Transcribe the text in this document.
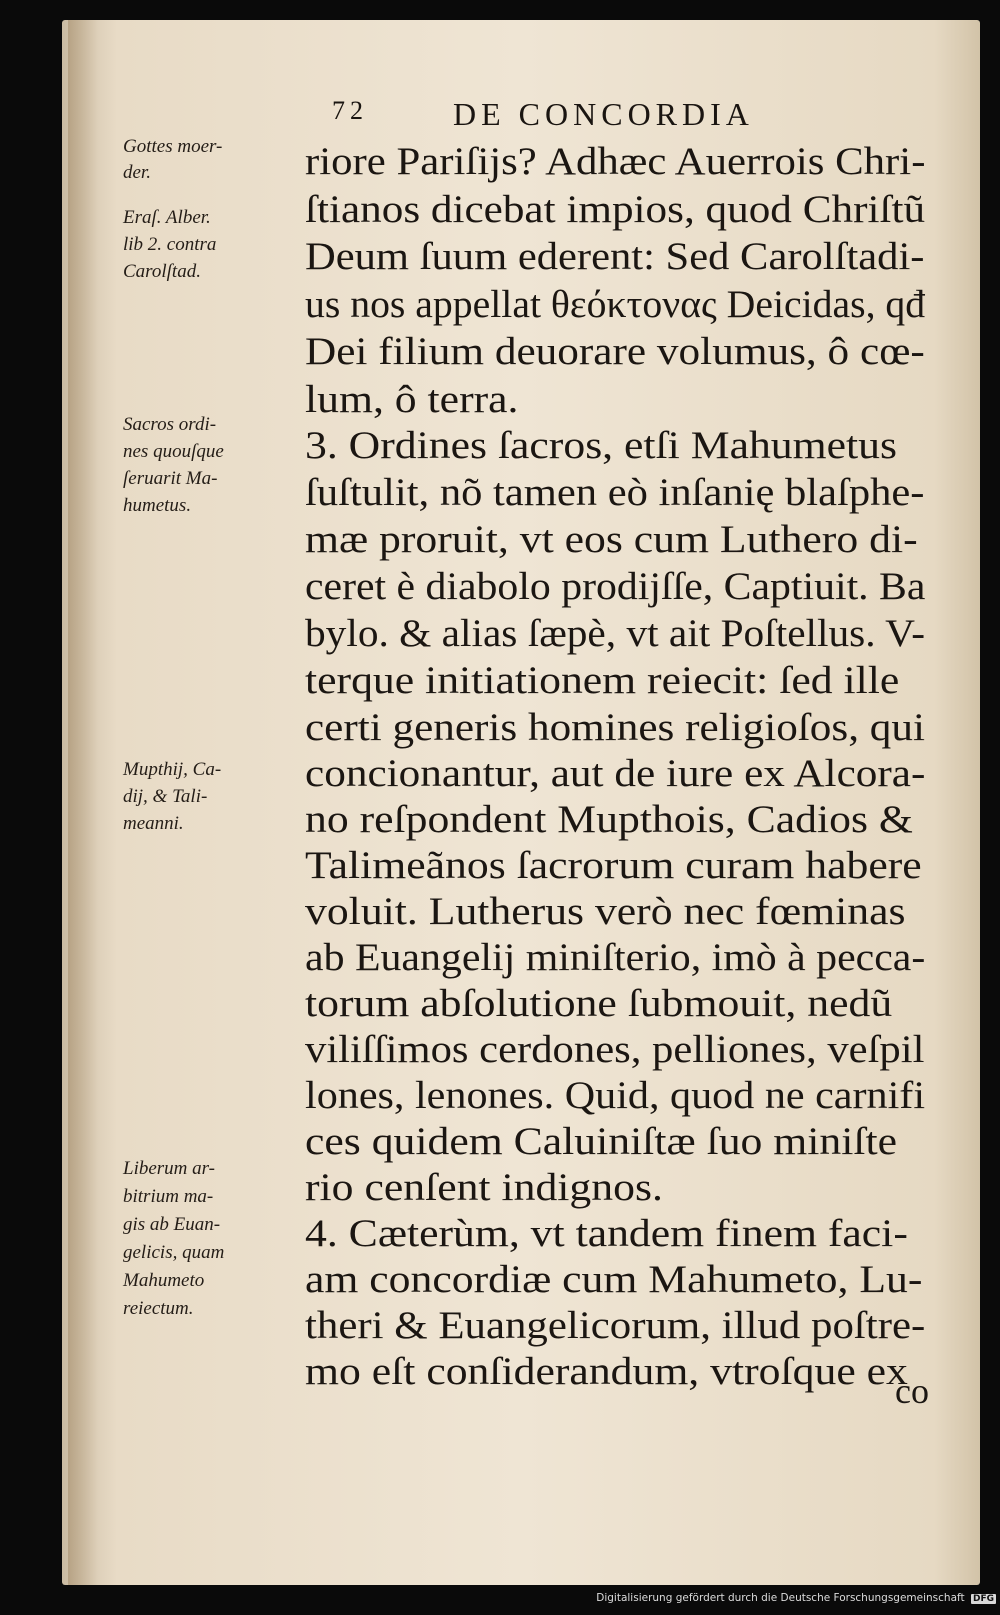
72	DE CONCORDIA
riore Pariſijs? Adhæc Auerrois Chri-
ſtianos dicebat impios, quod Chriſtũ
Deum ſuum ederent: Sed Carolſtadi-
us nos appellat θεόκτονας Deicidas, qđ
Dei filium deuorare volumus, ô cœ-
lum, ô terra.
3. Ordines ſacros, etſi Mahumetus
ſuſtulit, nõ tamen eò inſanię blaſphe-
mæ proruit, vt eos cum Luthero di-
ceret è diabolo prodijſſe, Captiuit. Ba
bylo. & alias ſæpè, vt ait Poſtellus. V-
terque initiationem reiecit: ſed ille
certi generis homines religioſos, qui
concionantur, aut de iure ex Alcora-
no reſpondent Mupthois, Cadios &
Talimeãnos ſacrorum curam habere
voluit. Lutherus verò nec fœminas
ab Euangelij miniſterio, imò à pecca-
torum abſolutione ſubmouit, nedũ
viliſſimos cerdones, pelliones, veſpil
lones, lenones. Quid, quod ne carnifi
ces quidem Caluiniſtæ ſuo miniſte
rio cenſent indignos.
4. Cæterùm, vt tandem finem faci-
am concordiæ cum Mahumeto, Lu-
theri & Euangelicorum, illud poſtre-
mo eſt conſiderandum, vtroſque ex
co
Gottes moer-
der.
Eraſ. Alber.
lib 2. contra
Carolſtad.
Sacros ordi-
nes quouſque
ſeruarit Ma-
humetus.
Mupthij, Ca-
dij, & Tali-
meanni.
Liberum ar-
bitrium ma-
gis ab Euan-
gelicis, quam
Mahumeto
reiectum.
Digitalisierung gefördert durch die Deutsche Forschungsgemeinschaft DFG
